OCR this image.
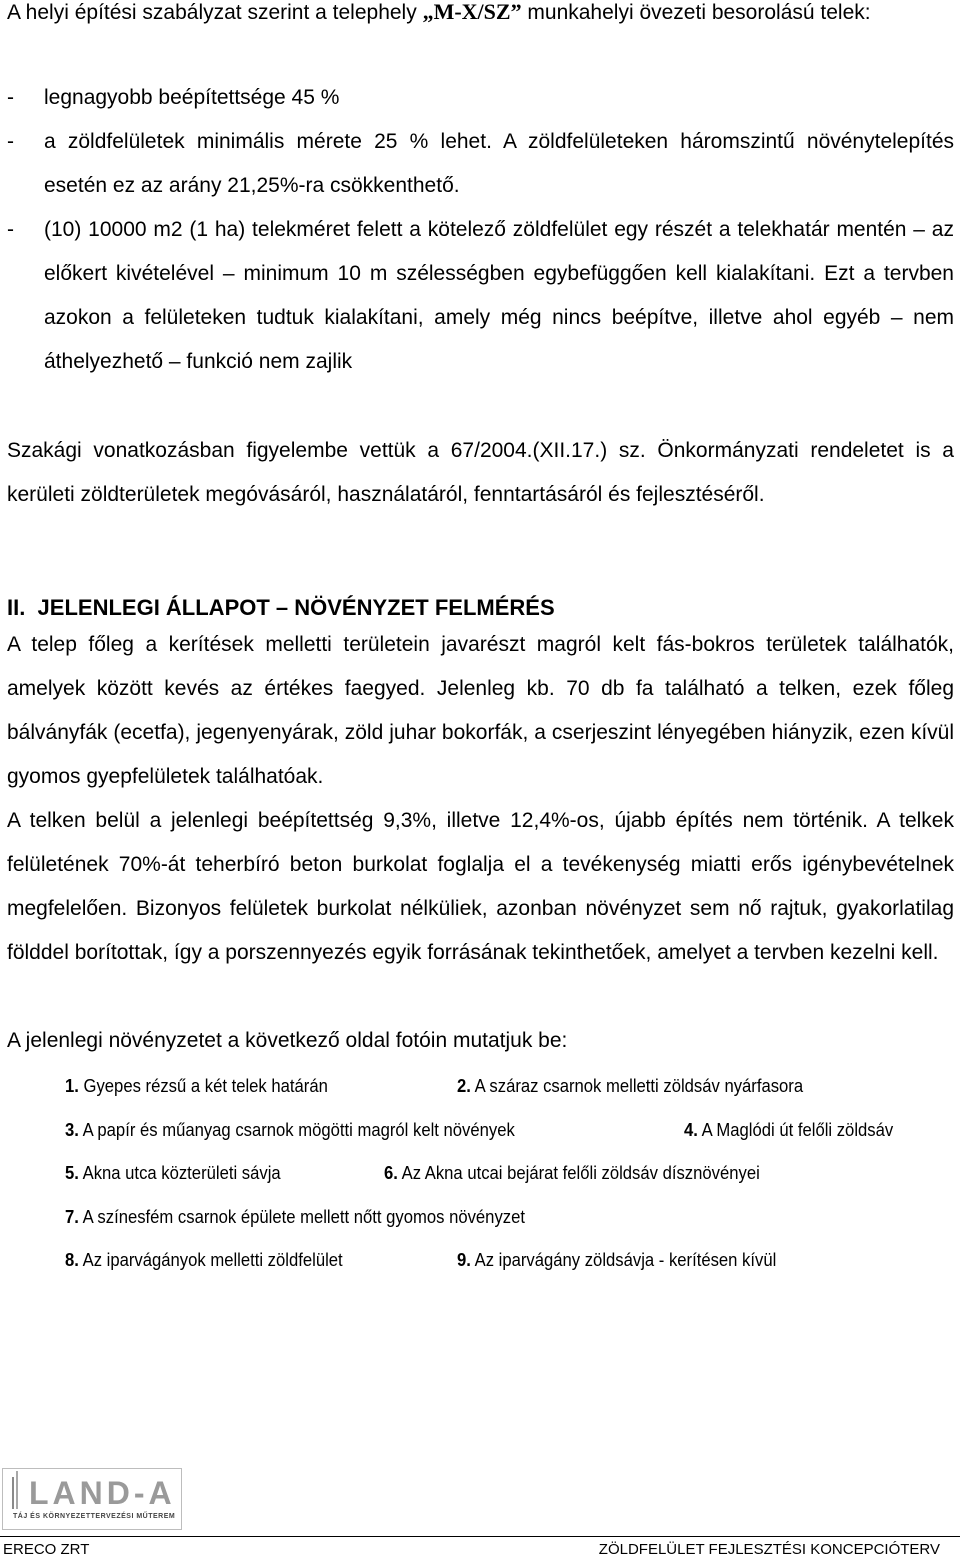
A helyi építési szabályzat szerint a telephely „M-X/SZ” munkahelyi övezeti besorolású telek:

-	legnagyobb beépítettsége 45 %

-	a zöldfelületek minimális mérete 25 % lehet. A zöldfelületeken háromszintű növénytelepítés esetén ez az arány 21,25%-ra csökkenthető.

-	(10) 10000 m2 (1 ha) telekméret felett a kötelező zöldfelület egy részét a telekhatár mentén – az előkert kivételével – minimum 10 m szélességben egybefüggően kell kialakítani. Ezt a tervben azokon a felületeken tudtuk kialakítani, amely még nincs beépítve, illetve ahol egyéb – nem áthelyezhető – funkció nem zajlik

Szakági vonatkozásban figyelembe vettük a 67/2004.(XII.17.) sz. Önkormányzati rendeletet is a kerületi zöldterületek megóvásáról, használatáról, fenntartásáról és fejlesztéséről.

II.  JELENLEGI ÁLLAPOT – NÖVÉNYZET FELMÉRÉS

A telep főleg a kerítések melletti területein javarészt magról kelt fás-bokros területek találhatók, amelyek között kevés az értékes faegyed. Jelenleg kb. 70 db fa található a telken, ezek főleg bálványfák (ecetfa), jegenyenyárak, zöld juhar bokorfák, a cserjeszint lényegében hiányzik, ezen kívül gyomos gyepfelületek találhatóak.

A telken belül a jelenlegi beépítettség 9,3%, illetve 12,4%-os, újabb építés nem történik. A telkek felületének 70%-át teherbíró beton burkolat foglalja el a tevékenység miatti erős igénybevételnek megfelelően. Bizonyos felületek burkolat nélküliek, azonban növényzet sem nő rajtuk, gyakorlatilag földdel borítottak, így a porszennyezés egyik forrásának tekinthetőek, amelyet a tervben kezelni kell.

A jelenlegi növényzetet a következő oldal fotóin mutatjuk be:

1. Gyepes rézsű a két telek határán	2. A száraz csarnok melletti zöldsáv nyárfasora
3. A papír és műanyag csarnok mögötti magról kelt növények	4. A Maglódi út felőli zöldsáv
5. Akna utca közterületi sávja	6. Az Akna utcai bejárat felőli zöldsáv dísznövényei
7. A színesfém csarnok épülete mellett nőtt gyomos növényzet
8. Az iparvágányok melletti zöldfelület	9. Az iparvágány zöldsávja - kerítésen kívül
LAND-A
TÁJ ÉS KÖRNYEZETTERVEZÉSI MŰTEREM
ERECO ZRT	ZÖLDFELÜLET FEJLESZTÉSI KONCEPCIÓTERV
